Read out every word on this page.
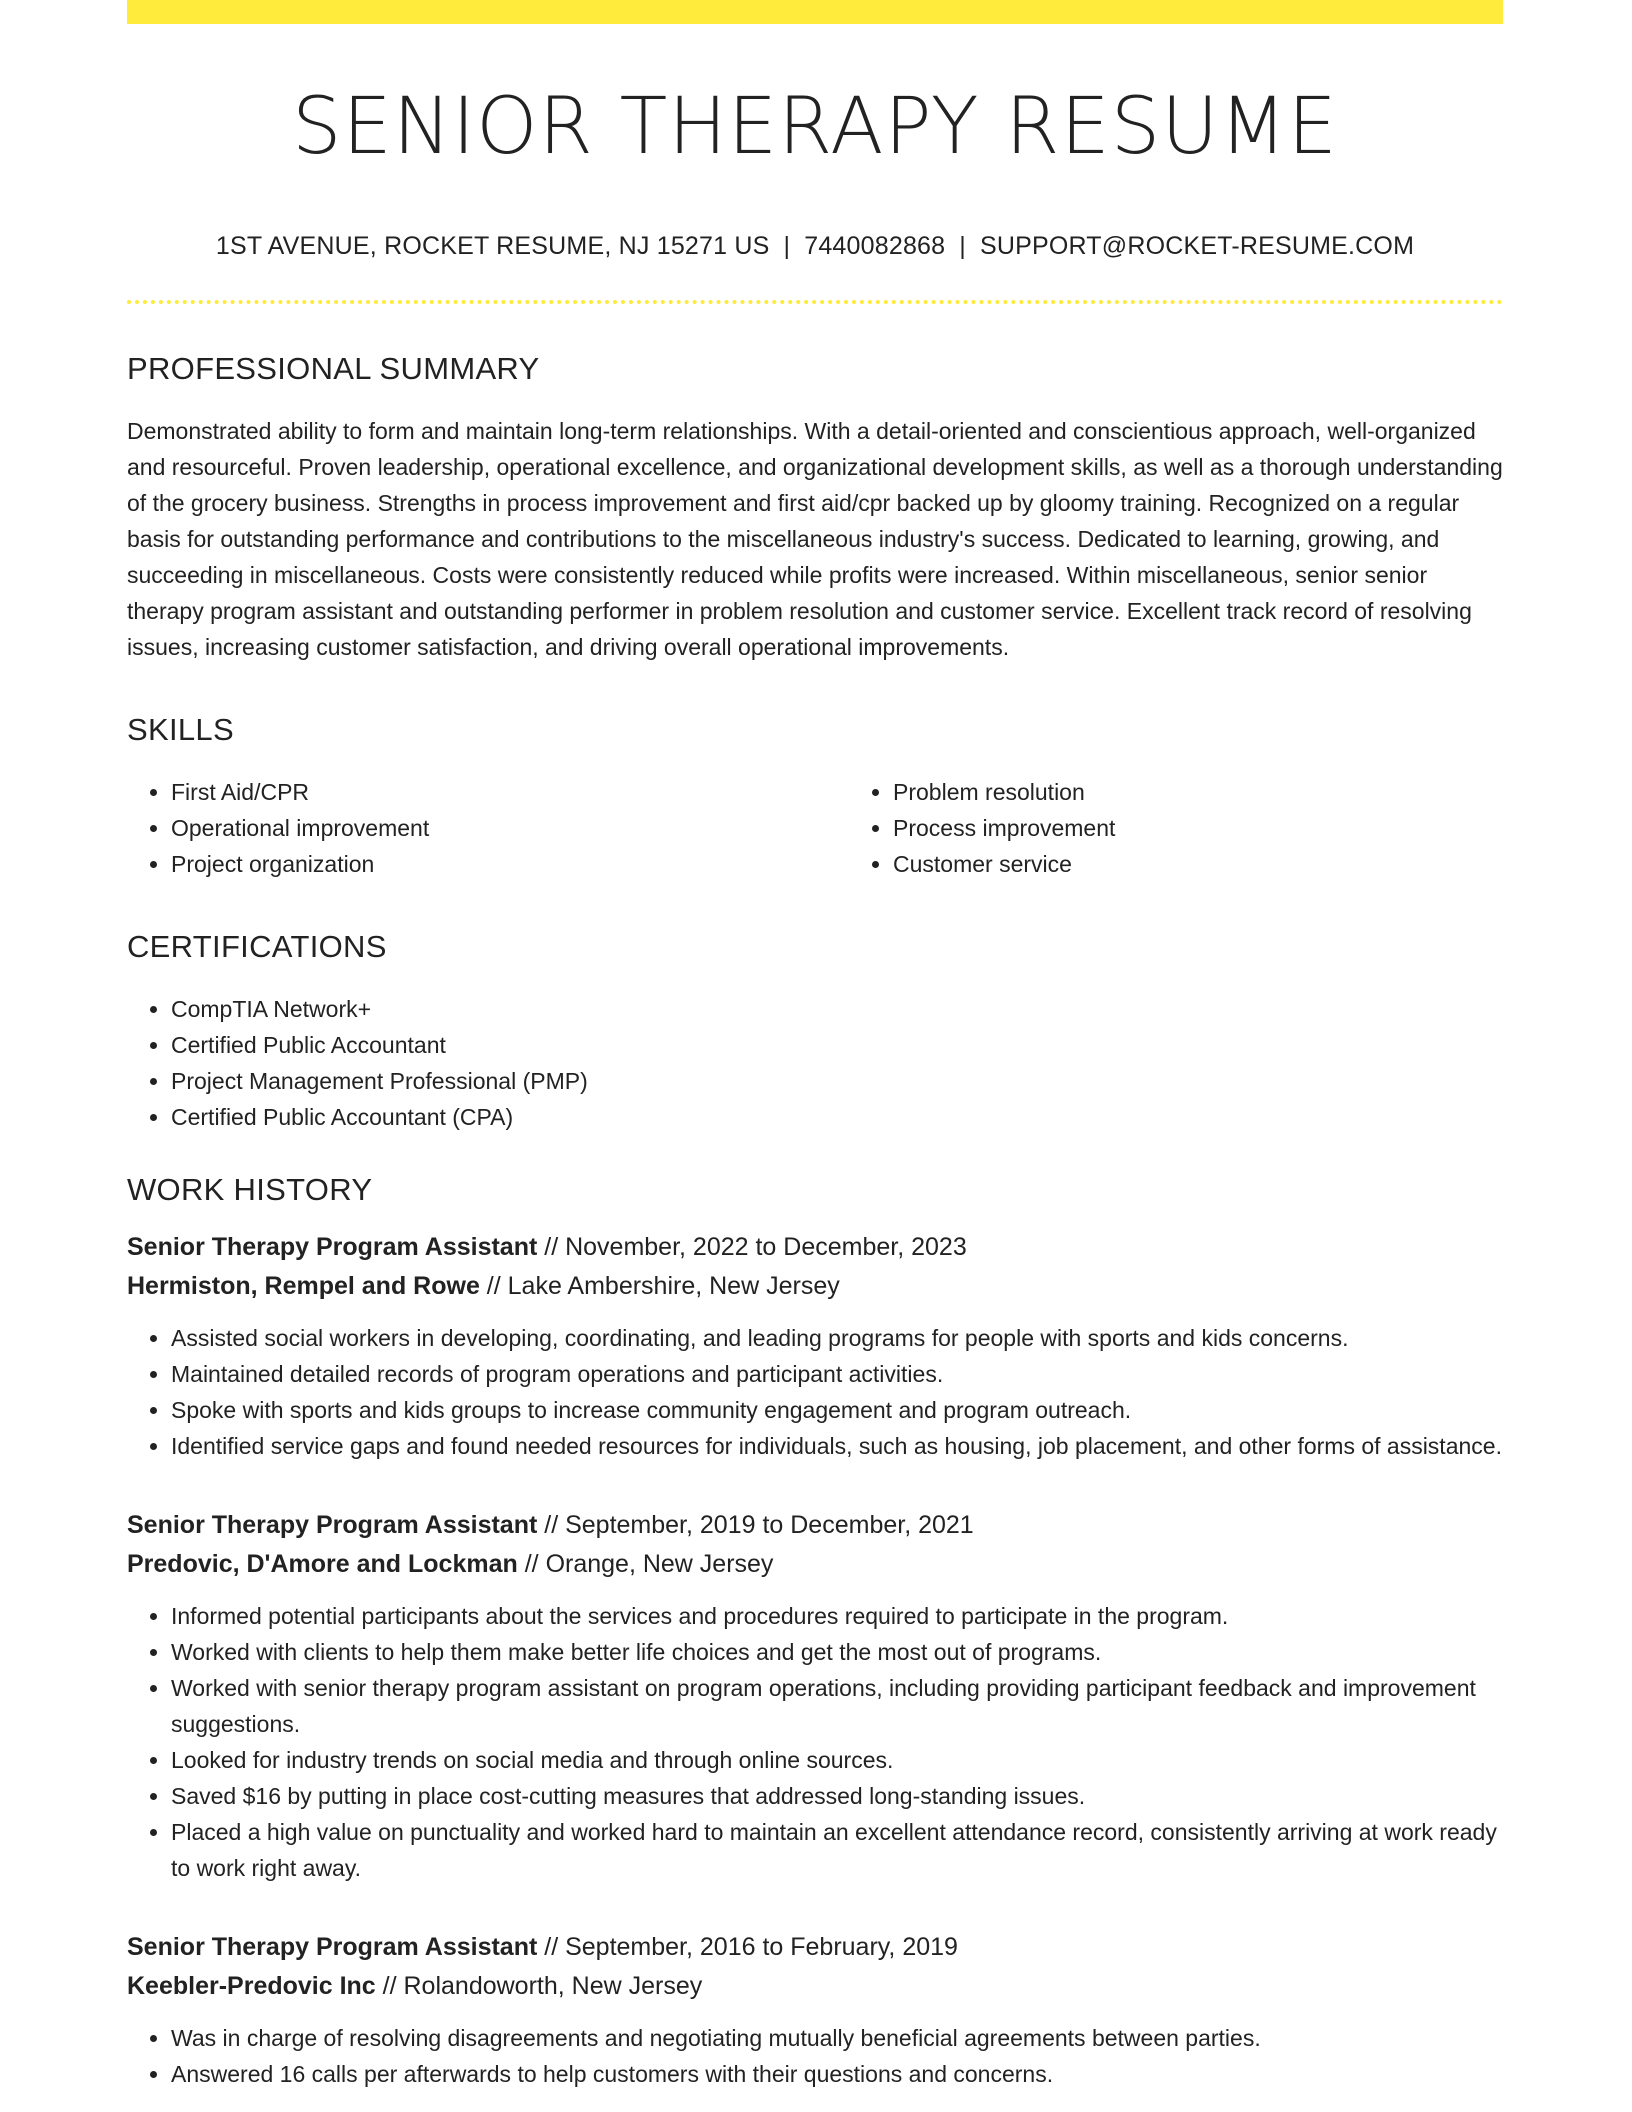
SENIOR THERAPY RESUME
1ST AVENUE, ROCKET RESUME, NJ 15271 US | 7440082868 | SUPPORT@ROCKET-RESUME.COM
PROFESSIONAL SUMMARY

Demonstrated ability to form and maintain long-term relationships. With a detail-oriented and conscientious approach, well-organized and resourceful. Proven leadership, operational excellence, and organizational development skills, as well as a thorough understanding of the grocery business. Strengths in process improvement and first aid/cpr backed up by gloomy training. Recognized on a regular basis for outstanding performance and contributions to the miscellaneous industry's success. Dedicated to learning, growing, and succeeding in miscellaneous. Costs were consistently reduced while profits were increased. Within miscellaneous, senior senior therapy program assistant and outstanding performer in problem resolution and customer service. Excellent track record of resolving issues, increasing customer satisfaction, and driving overall operational improvements.

SKILLS
• First Aid/CPR
• Operational improvement
• Project organization
• Problem resolution
• Process improvement
• Customer service
CERTIFICATIONS
• CompTIA Network+
• Certified Public Accountant
• Project Management Professional (PMP)
• Certified Public Accountant (CPA)
WORK HISTORY
Senior Therapy Program Assistant // November, 2022 to December, 2023
Hermiston, Rempel and Rowe // Lake Ambershire, New Jersey
• Assisted social workers in developing, coordinating, and leading programs for people with sports and kids concerns.
• Maintained detailed records of program operations and participant activities.
• Spoke with sports and kids groups to increase community engagement and program outreach.
• Identified service gaps and found needed resources for individuals, such as housing, job placement, and other forms of assistance.
Senior Therapy Program Assistant // September, 2019 to December, 2021
Predovic, D'Amore and Lockman // Orange, New Jersey
• Informed potential participants about the services and procedures required to participate in the program.
• Worked with clients to help them make better life choices and get the most out of programs.
• Worked with senior therapy program assistant on program operations, including providing participant feedback and improvement suggestions.
• Looked for industry trends on social media and through online sources.
• Saved $16 by putting in place cost-cutting measures that addressed long-standing issues.
• Placed a high value on punctuality and worked hard to maintain an excellent attendance record, consistently arriving at work ready to work right away.
Senior Therapy Program Assistant // September, 2016 to February, 2019
Keebler-Predovic Inc // Rolandoworth, New Jersey
• Was in charge of resolving disagreements and negotiating mutually beneficial agreements between parties.
• Answered 16 calls per afterwards to help customers with their questions and concerns.
